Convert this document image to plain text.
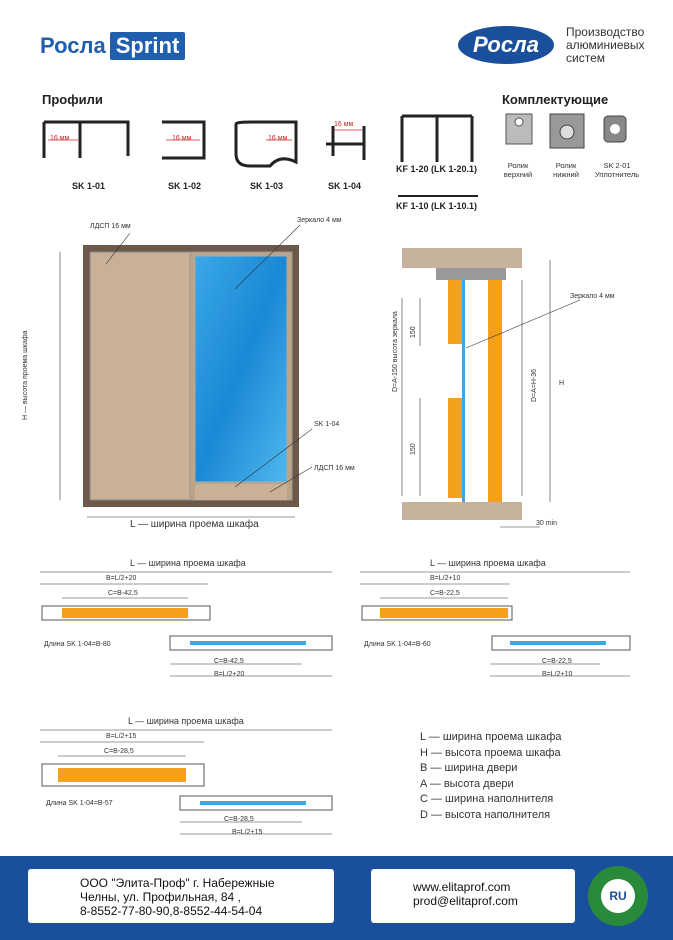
Росла Sprint	Росла Производство
алюминиевых
систем
Профили	Комплектующие
16 мм	16 мм	16 мм
16 мм
SK 1-01	SK 1-02	SK 1-03	SK 1-04
KF 1-20 (LK 1-20.1)
KF 1-10 (LK 1-10.1)
Ролик
верхний
Ролик
нижний
SK 2-01
Уплотнитель
ЛДСП 16 мм
Зеркало 4 мм
H — высота проема шкафа
SK 1-04
ЛДСП 16 мм
L — ширина проема шкафа
Зеркало 4 мм
D=A-150 высота зеркала 150
150
D=A=H-36	H
30 min
L — ширина проема шкафа
B=L/2+20
C=B-42,5
Длина SK 1-04=B-80
C=B-42,5
B=L/2+20
L — ширина проема шкафа
B=L/2+10
C=B-22,5
Длина SK 1-04=B-60
C=B-22,5
B=L/2+10
L — ширина проема шкафа
B=L/2+15
C=B-28,5
Длина SK 1-04=B-57
C=B-28,5
B=L/2+15
L — ширина проема шкафа
H — высота проема шкафа
B — ширина двери
A — высота двери
C — ширина наполнителя
D — высота наполнителя
ООО "Элита-Проф" г. Набережные
Челны, ул. Профильная, 84 ,
8-8552-77-80-90,8-8552-44-54-04
www.elitaprof.com
prod@elitaprof.com	RU
